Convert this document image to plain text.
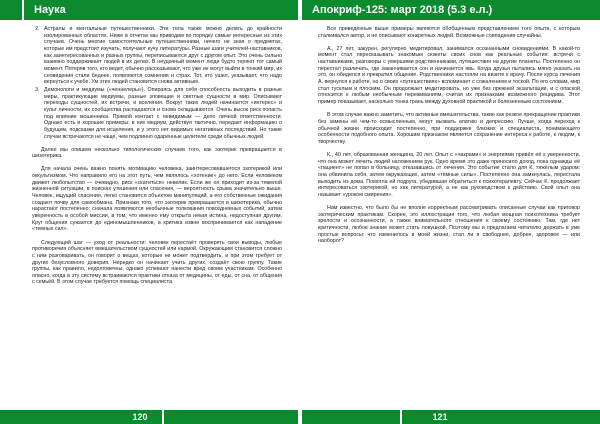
Наука
2. Астралы и ментальные путешественники. Эти тела также можно делать до крайности изолированных областях. Ниже в отчетах мы приводим по порядку самые интересные из этих случаев. Очень многие самостоятельные путешественники, ничего не зная о предметах, которые им предстоит изучать, получают кучу литературы. Разные шаги учителей-наставников, как заинтересованных и разных группы, переписываются друг с другом опыт. Это очень сильно взаимно поддерживает людей в их делах. В неудачный момент люди будто теряют тот самый момент. Потеряв того, кто ведет, обычно рассказывают, что уже не могут выйти в тонкий мир, их сновидения стали беднее, появляются сомнения и страх. Тот, кто ушел, указывает, что надо вернуться к учебе. Ум этих людей становится снова активным.
3. Демонологи и медиумы («ченнелеры»). Опираясь для себя способность выходить в разные миры, практикующие медиумы, разные зловещие и светлые сущности в мир. Описывают переходы сущностей, их встречи, и вселения. Вокруг таких людей начинается «интерес» и культ личности, их сообщества распадаются и снова складываются. Очень высок риск попасть под влияние мошенника. Прямой контакт с невидимым — дело личной ответственности. Однако есть и хорошие примеры: в них медиум, действуя тактично, передает информацию о будущем, подсказки для исцеления, и у этого нет видимых негативных последствий. Но такие случаи встречаются не чаще, чем подлинно одарённые целители среди обычных людей.

Далее мы опишем несколько типологических случаев того, как эзотерик превращается в шизотерика.

Для начала очень важно понять мотивацию человека, заинтересовавшегося эзотерикой или оккультизмом. Что направило его на этот путь, чем являлось «хотение» до него. Если человеком движет любопытство — очевидно, риск «скатиться» невелик. Если же он приходит из-за тяжелой жизненной ситуации, в поисках утешения или спасения, — вероятность срыва значительно выше. Человек, ищущий спасения, легко становится объектом манипуляций, а его собственные ожидания создают почву для самообмана. Признаки того, что эзотерик превращается в шизотерика, обычно нарастают постепенно: сначала появляются необычные толкования повседневных событий, затем уверенность в особой миссии, в том, что именно ему открыта некая истина, недоступная другим. Круг общения сужается до единомышленников, а критика извне воспринимается как нападение «темных сил».

Следующий шаг — уход от реальности: человек перестаёт проверять свои выводы, любые противоречия объясняет вмешательством сущностей или кармой. Окружающим становится сложно с ним разговаривать, он говорит о вещах, которые не может подтвердить, и при этом требует от других безусловного доверия. Нередко он начинает учить других, создаёт свою группу. Такие группы, как правило, недолговечны, однако успевают нанести вред своим участникам. Особенно опасно, когда в эту систему встраиваются практики отказа от медицины, от еды, от сна, от общения с семьёй. В этом случае требуется помощь специалиста.

120
Апокриф-125: март 2018 (5.3 е.л.)

Все приведённые выше примеры являются обобщенным представлением того опыта, с которым сталкивался автор, и не описывают конкретных людей. Возможные совпадения случайны.

А., 27 лет, закурен, регулярно медитировал, занимался осознанными сновидениями. В какой-то момент стал пересказывать знакомым сюжеты своих снов как реальные события: встречи с наставниками, разговоры с умершими родственниками, путешествия на другие планеты. Постепенно он перестал различать, где заканчивается сон и начинается явь. Когда друзья пытались мягко указать на это, он обиделся и прекратил общение. Родственники настояли на визите к врачу. После курса лечения А. вернулся к работе, но о своих «путешествиях» вспоминает с сожалением и тоской. По его словам, мир стал тусклым и плоским. Он продолжает медитировать, но уже без прежней экзальтации, и с опаской относится к любым необычным переживаниям, считая их признаками возможного рецидива. Этот пример показывает, насколько тонка грань между духовной практикой и болезненным состоянием.

В этом случае важно заметить, что активные вмешательства, такие как резкое прекращение практики без замены её чем-то осмысленным, могут вызвать апатию и депрессию. Лучше, когда переход к обычной жизни происходит постепенно, при поддержке близких и специалиста, понимающего особенности подобного опыта. Хорошим признаком является сохранение интереса к работе, к людям, к творчеству.

К., 40 лет, образованная женщина, 20 лет. Опыт с «чакрами» и энергиями привёл её к уверенности, что она может лечить людей наложением рук. Одно время это даже приносило доход, пока однажды её «пациент» не попал в больницу, отказавшись от лечения. Это событие стало для К. тяжёлым ударом: она обвинила себя, затем окружающих, затем «тёмные силы». Постепенно она замкнулась, перестала выходить из дома. Помогла ей подруга, убедившая обратиться к психотерапевту. Сейчас К. продолжает интересоваться эзотерикой, но как литературой, а не как руководством к действию. Свой опыт она называет «уроком смирения».

Нам известно, что было бы не вполне корректным рассматривать описанные случаи как приговор эзотерическим практикам. Скорее, это иллюстрация того, что любая мощная психотехника требует зрелости и осознанности, а также внимательного отношения к своему состоянию. Там, где нет критичности, любое знание может стать ловушкой. Поэтому мы и предлагаем читателю держать в уме простые вопросы: что изменилось в моей жизни, стал ли я свободнее, добрее, здоровее — или наоборот?

121
